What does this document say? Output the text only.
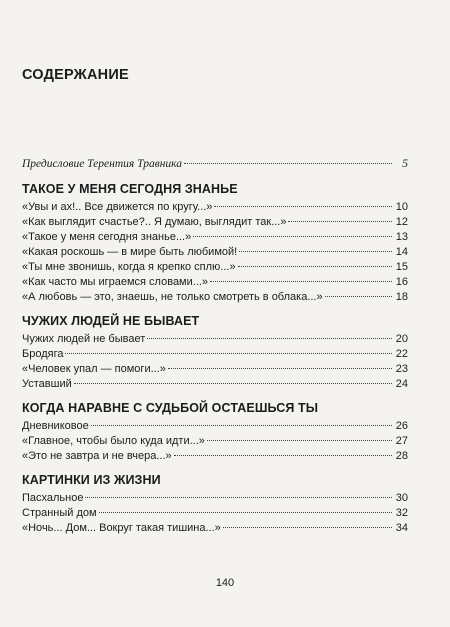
СОДЕРЖАНИЕ
Предисловие Терентия Травника	5
ТАКОЕ У МЕНЯ СЕГОДНЯ ЗНАНЬЕ
«Увы и ах!.. Все движется по кругу...»	10
«Как выглядит счастье?.. Я думаю, выглядит так...»	12
«Такое у меня сегодня знанье...»	13
«Какая роскошь — в мире быть любимой!	14
«Ты мне звонишь, когда я крепко сплю...»	15
«Как часто мы играемся словами...»	16
«А любовь — это, знаешь, не только смотреть в облака...»	18
ЧУЖИХ ЛЮДЕЙ НЕ БЫВАЕТ
Чужих людей не бывает	20
Бродяга	22
«Человек упал — помоги...»	23
Уставший	24
КОГДА НАРАВНЕ С СУДЬБОЙ ОСТАЕШЬСЯ ТЫ
Дневниковое	26
«Главное, чтобы было куда идти...»	27
«Это не завтра и не вчера...»	28
КАРТИНКИ ИЗ ЖИЗНИ
Пасхальное	30
Странный дом	32
«Ночь... Дом... Вокруг такая тишина...»	34
140
